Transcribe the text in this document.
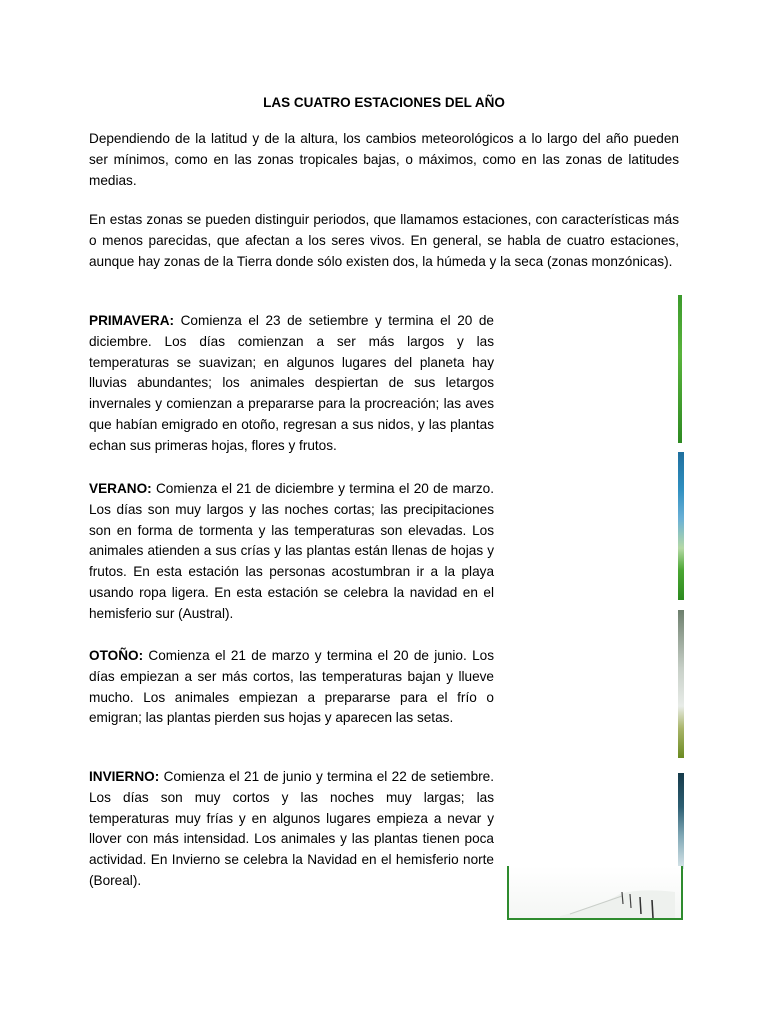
LAS CUATRO ESTACIONES DEL AÑO

Dependiendo de la latitud y de la altura, los cambios meteorológicos a lo largo del año pueden ser mínimos, como en las zonas tropicales bajas, o máximos, como en las zonas de latitudes medias.

En estas zonas se pueden distinguir periodos, que llamamos estaciones, con características más o menos parecidas, que afectan a los seres vivos. En general, se habla de cuatro estaciones, aunque hay zonas de la Tierra donde sólo existen dos, la húmeda y la seca (zonas monzónicas).

PRIMAVERA: Comienza el 23 de setiembre y termina el 20 de diciembre. Los días comienzan a ser más largos y las temperaturas se suavizan; en algunos lugares del planeta hay lluvias abundantes; los animales despiertan de sus letargos invernales y comienzan a prepararse para la procreación; las aves que habían emigrado en otoño, regresan a sus nidos, y las plantas echan sus primeras hojas, flores y frutos.

VERANO: Comienza el 21 de diciembre y termina el 20 de marzo. Los días son muy largos y las noches cortas; las precipitaciones son en forma de tormenta y las temperaturas son elevadas. Los animales atienden a sus crías y las plantas están llenas de hojas y frutos. En esta estación las personas acostumbran ir a la playa usando ropa ligera. En esta estación se celebra la navidad en el hemisferio sur (Austral).

OTOÑO: Comienza el 21 de marzo y termina el 20 de junio. Los días empiezan a ser más cortos, las temperaturas bajan y llueve mucho. Los animales empiezan a prepararse para el frío o emigran; las plantas pierden sus hojas y aparecen las setas.

INVIERNO: Comienza el 21 de junio y termina el 22 de setiembre. Los días son muy cortos y las noches muy largas; las temperaturas muy frías y en algunos lugares empieza a nevar y llover con más intensidad. Los animales y las plantas tienen poca actividad. En Invierno se celebra la Navidad en el hemisferio norte (Boreal).
